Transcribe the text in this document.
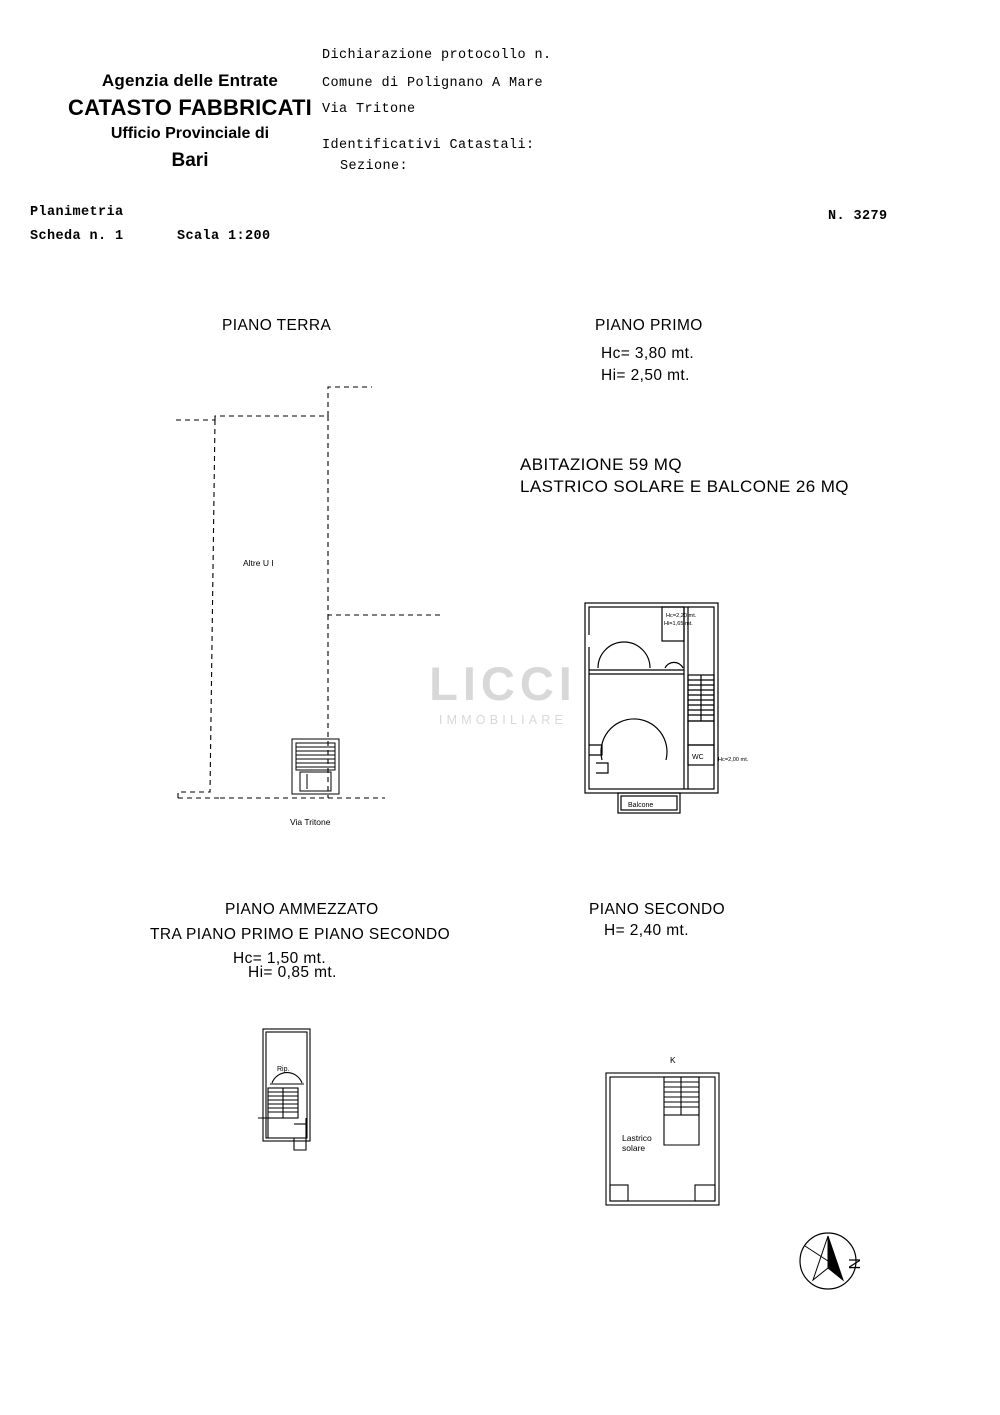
Agenzia delle Entrate
CATASTO FABBRICATI
Ufficio Provinciale di
Bari
Dichiarazione protocollo n.
Comune di Polignano A Mare
Via Tritone
Identificativi Catastali:
Sezione:
Planimetria
Scheda n. 1	Scala 1:200
N. 3279
PIANO TERRA	PIANO PRIMO
Hc= 3,80 mt.
Hi= 2,50 mt.
ABITAZIONE 59 MQ
LASTRICO SOLARE E BALCONE 26 MQ
PIANO AMMEZZATO
TRA PIANO PRIMO E PIANO SECONDO
Hc= 1,50 mt.
Hi= 0,85 mt.
PIANO SECONDO
H= 2,40 mt.
Altre U I
Via Tritone
Hc=2,20 mt.
Hi=1,65 mt.
WC	Hc=2,00 mt.
Balcone
Rip.
K
Lastrico
solare
N
LICCI
IMMOBILIARE
